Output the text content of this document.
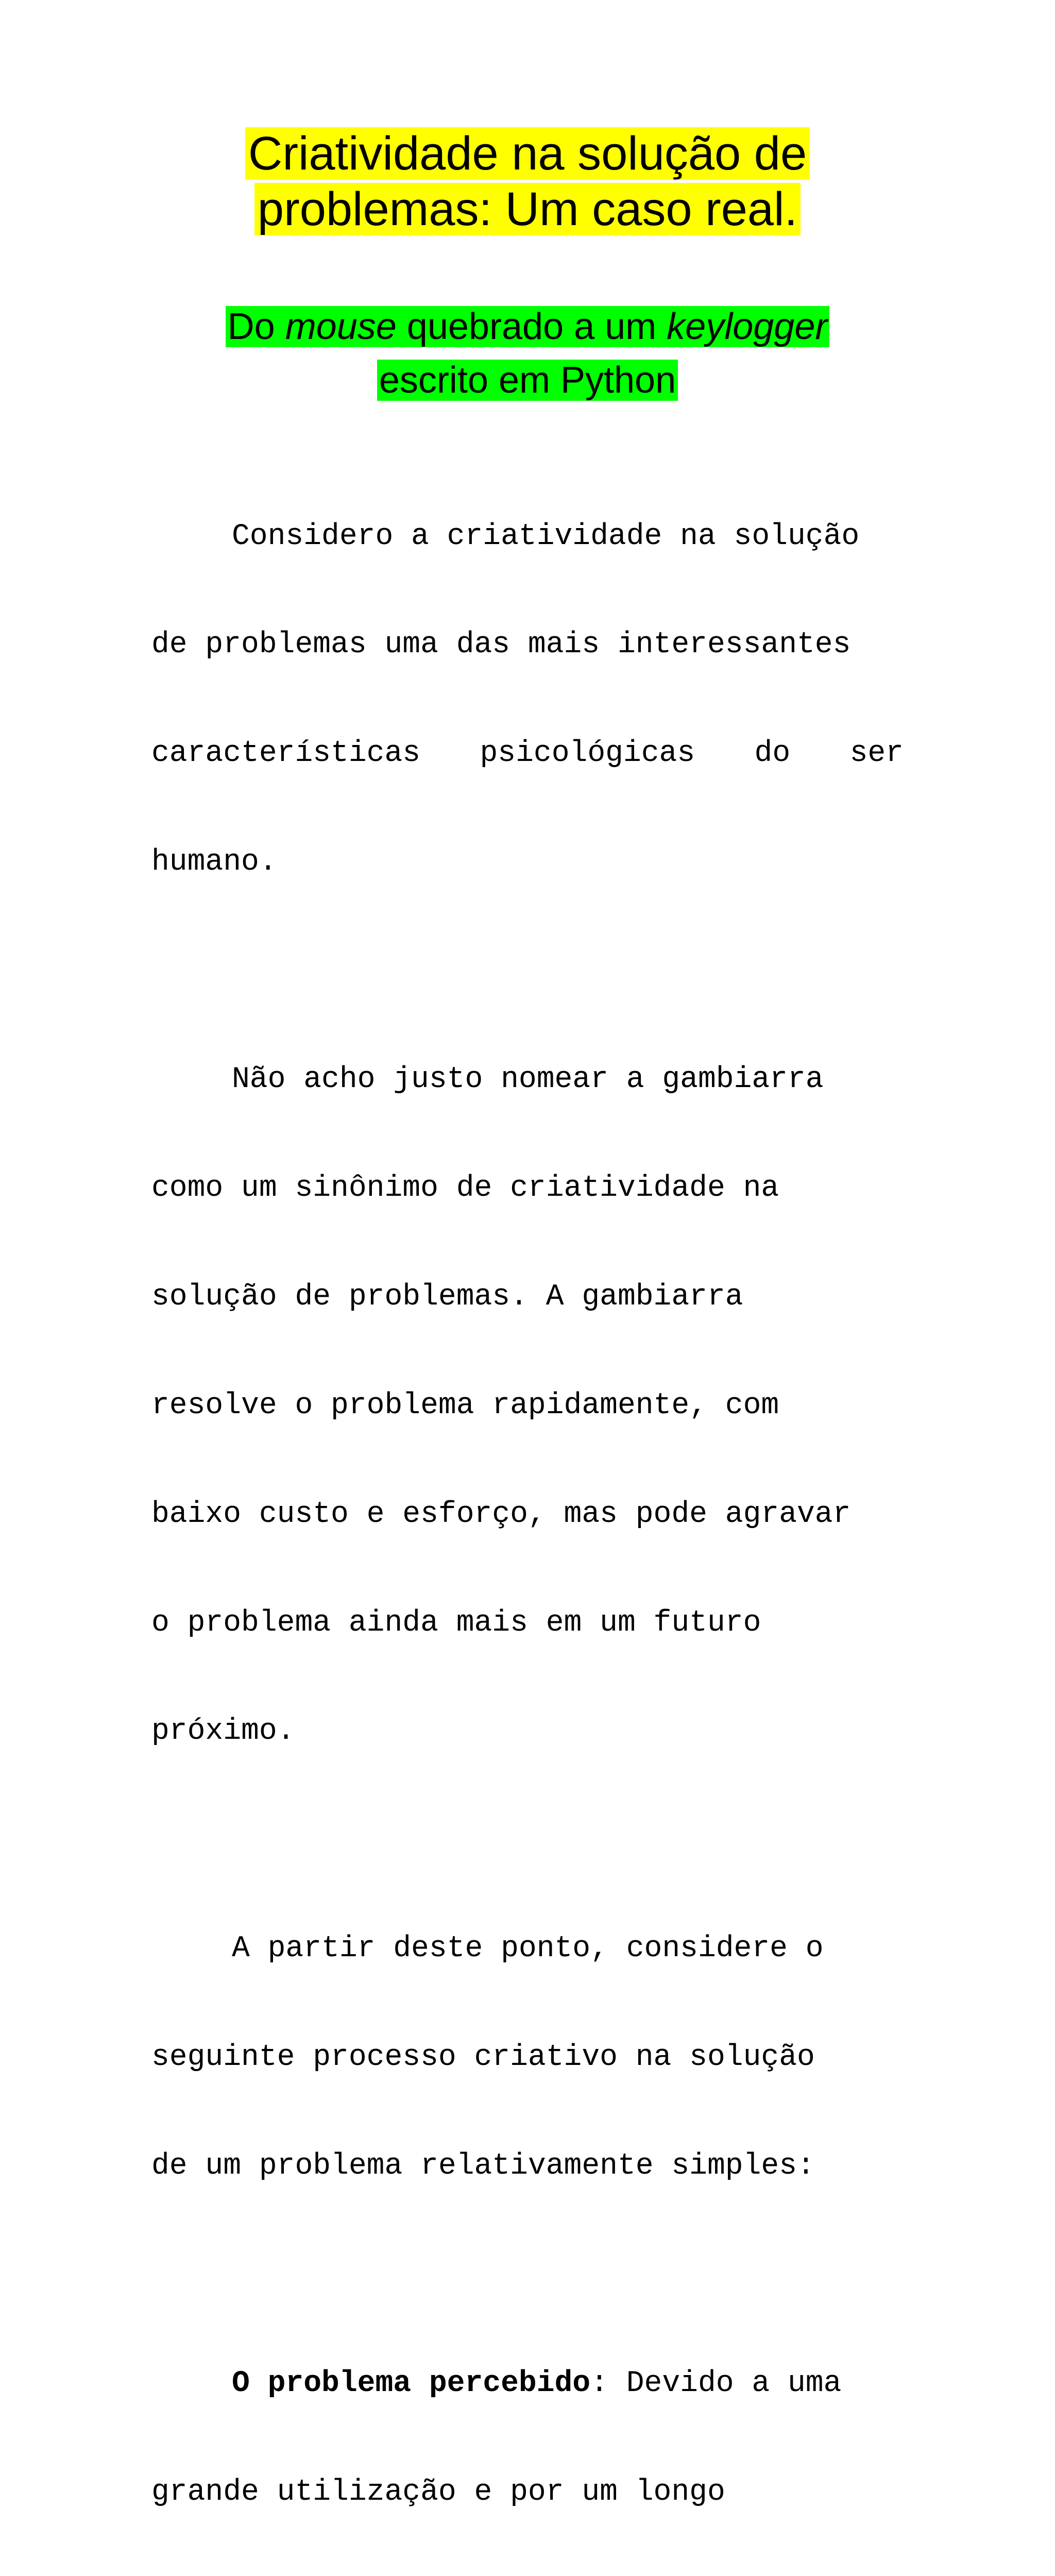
Criatividade na solução de
problemas: Um caso real.
Do mouse quebrado a um keylogger
escrito em Python

Considero a criatividade na solução

de problemas uma das mais interessantes

características psicológicas do ser

humano.

Não acho justo nomear a gambiarra

como um sinônimo de criatividade na

solução de problemas. A gambiarra

resolve o problema rapidamente, com

baixo custo e esforço, mas pode agravar

o problema ainda mais em um futuro

próximo.

A partir deste ponto, considere o

seguinte processo criativo na solução

de um problema relativamente simples:

O problema percebido: Devido a uma

grande utilização e por um longo
